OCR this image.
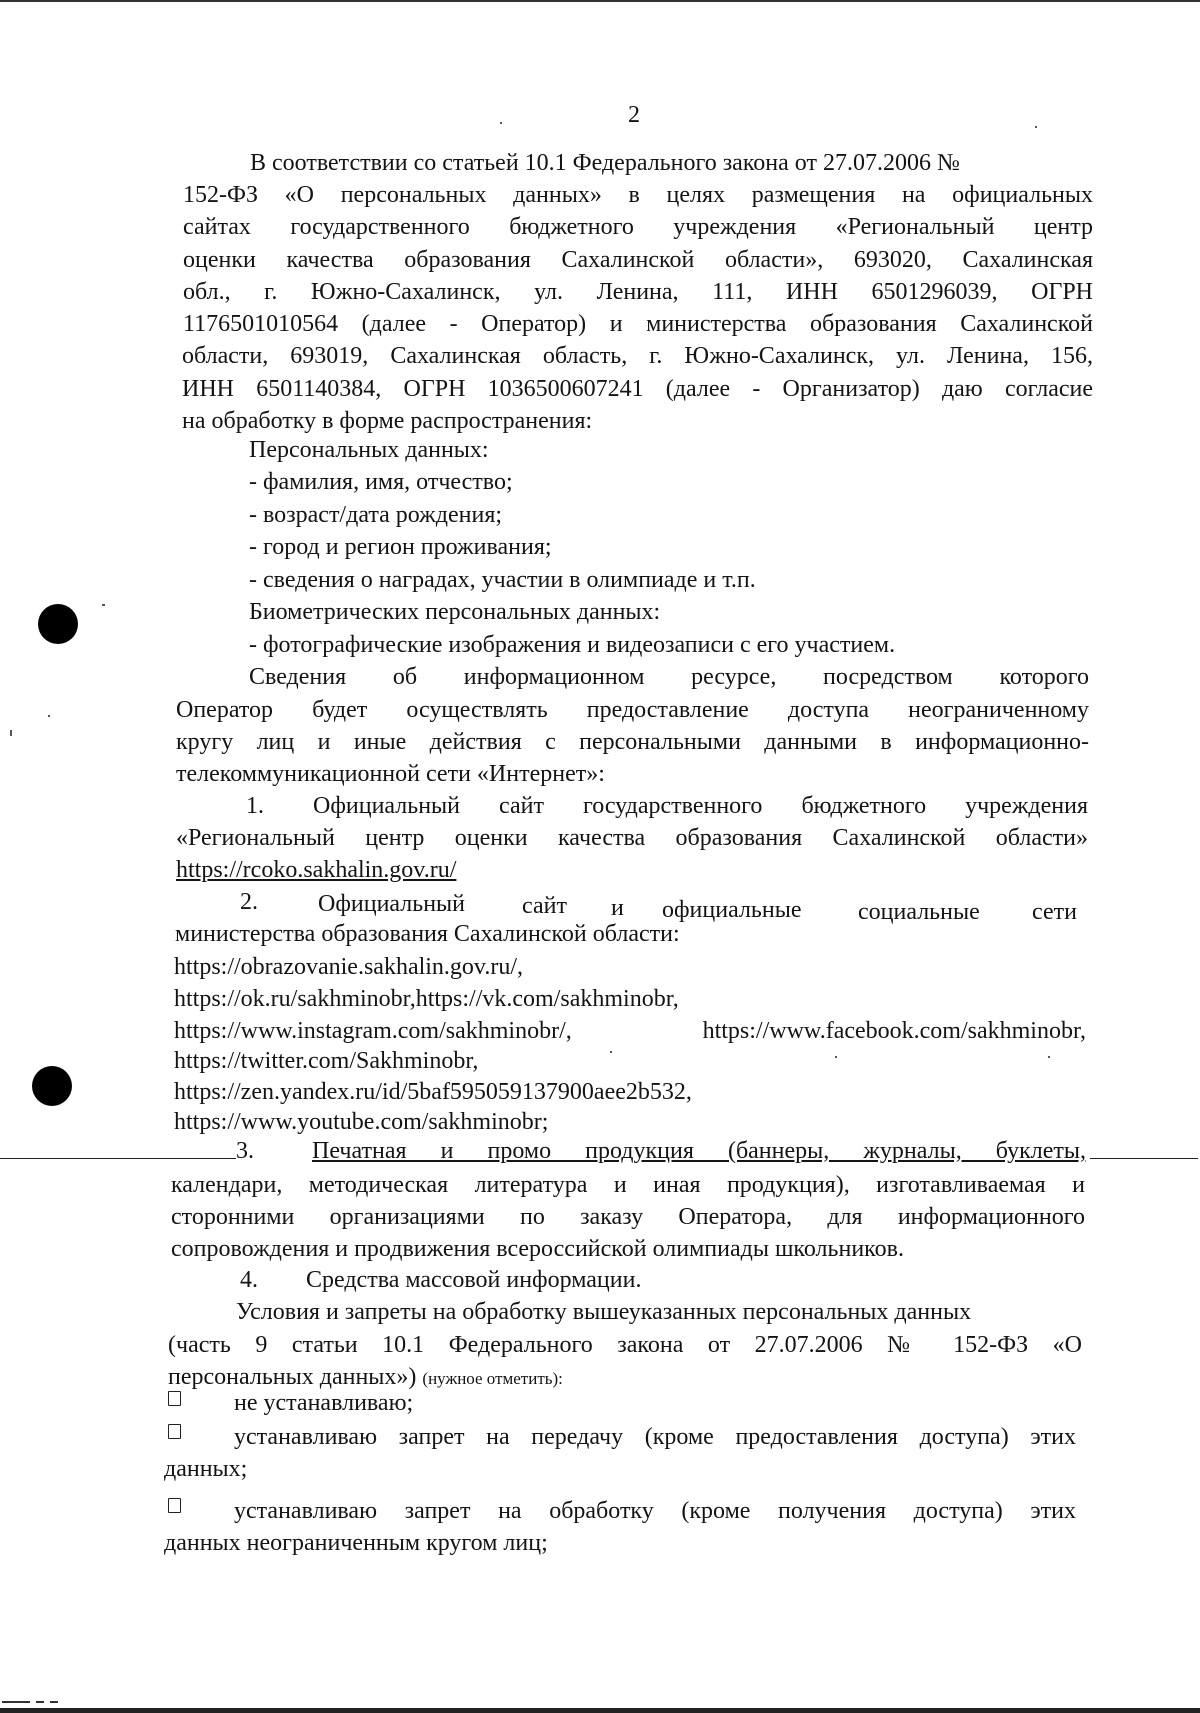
2
В соответствии со статьей 10.1 Федерального закона от 27.07.2006 №
152-ФЗ «О персональных данных» в целях размещения на официальных
сайтах государственного бюджетного учреждения «Региональный центр
оценки качества образования Сахалинской области», 693020, Сахалинская
обл., г. Южно-Сахалинск, ул. Ленина, 111, ИНН 6501296039, ОГРН
1176501010564 (далее - Оператор) и министерства образования Сахалинской
области, 693019, Сахалинская область, г. Южно-Сахалинск, ул. Ленина, 156,
ИНН 6501140384, ОГРН 1036500607241 (далее - Организатор) даю согласие
на обработку в форме распространения:
Персональных данных:
- фамилия, имя, отчество;
- возраст/дата рождения;
- город и регион проживания;
- сведения о наградах, участии в олимпиаде и т.п.
Биометрических персональных данных:
- фотографические изображения и видеозаписи с его участием.
Сведения об информационном ресурсе, посредством которого
Оператор будет осуществлять предоставление доступа неограниченному
кругу лиц и иные действия с персональными данными в информационно-
телекоммуникационной сети «Интернет»:
1. Официальный сайт государственного бюджетного учреждения
«Региональный центр оценки качества образования Сахалинской области»
https://rcoko.sakhalin.gov.ru/
2.	Официальный сайт и официальные социальные сети
министерства образования Сахалинской области:
https://obrazovanie.sakhalin.gov.ru/,
https://ok.ru/sakhminobr,https://vk.com/sakhminobr,
https://www.instagram.com/sakhminobr/, https://www.facebook.com/sakhminobr,
https://twitter.com/Sakhminobr,
https://zen.yandex.ru/id/5baf595059137900aee2b532,
https://www.youtube.com/sakhminobr;
3. Печатная и промо продукция (баннеры, журналы, буклеты,
календари, методическая литература и иная продукция), изготавливаемая и
сторонними организациями по заказу Оператора, для информационного
сопровождения и продвижения всероссийской олимпиады школьников.
4. Средства массовой информации.
Условия и запреты на обработку вышеуказанных персональных данных
(часть 9 статьи 10.1 Федерального закона от 27.07.2006 № 152-ФЗ «О
персональных данных») (нужное отметить):
не устанавливаю;
устанавливаю запрет на передачу (кроме предоставления доступа) этих
данных;
устанавливаю запрет на обработку (кроме получения доступа) этих
данных неограниченным кругом лиц;
